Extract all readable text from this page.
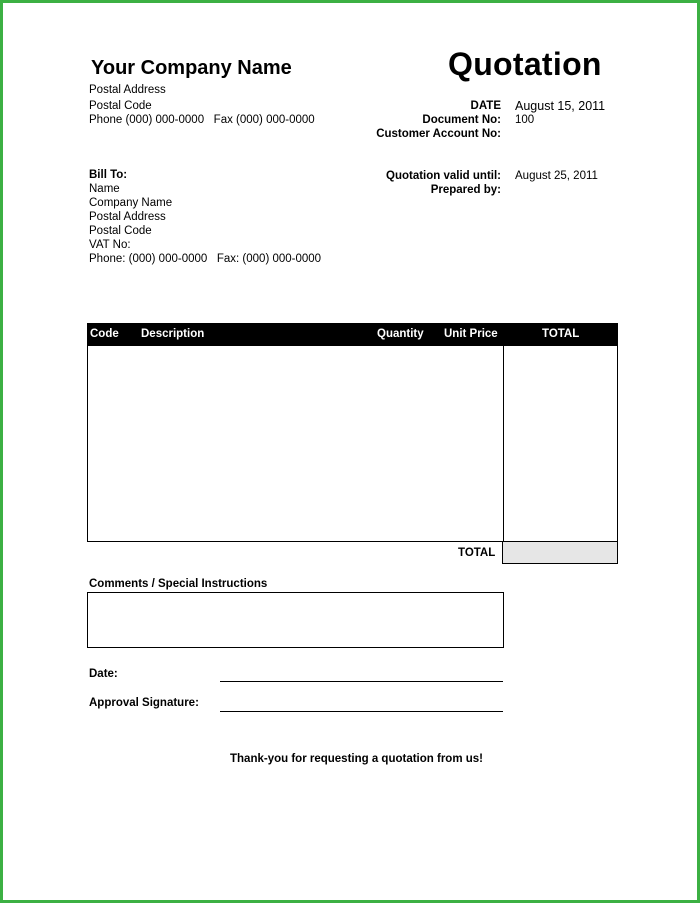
Your Company Name
Postal Address
Postal Code
Phone (000) 000-0000   Fax (000) 000-0000
Quotation
DATE August 15, 2011
Document No: 100
Customer Account No:
Bill To:
Name
Company Name
Postal Address
Postal Code
VAT No:
Phone: (000) 000-0000   Fax: (000) 000-0000
Quotation valid until: August 25, 2011
Prepared by:
Code Description	Quantity Unit Price	TOTAL
TOTAL
Comments / Special Instructions
Date:
Approval Signature:
Thank-you for requesting a quotation from us!
